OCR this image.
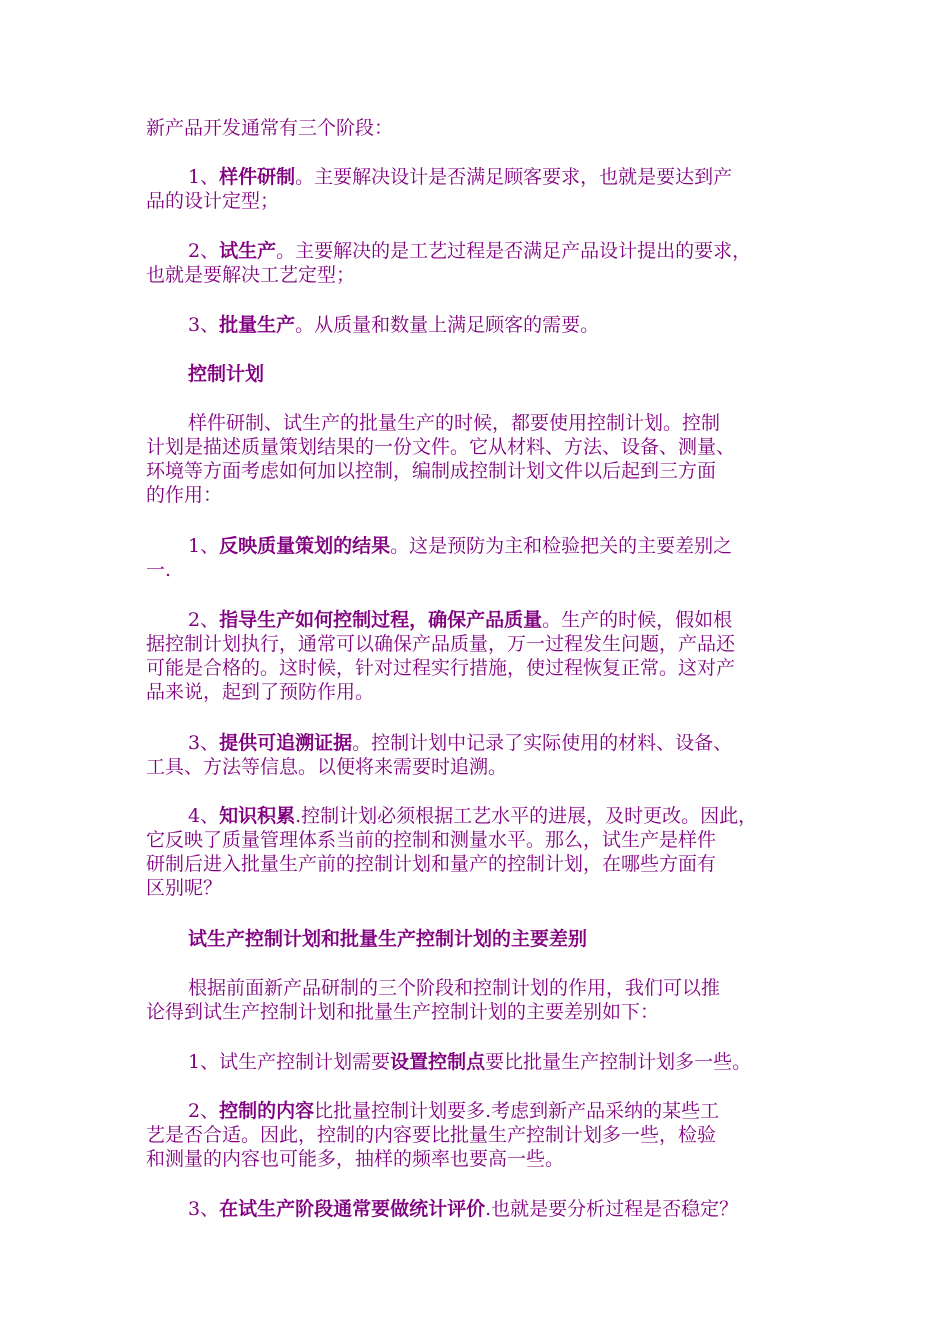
新产品开发通常有三个阶段：

1、样件研制。主要解决设计是否满足顾客要求，也就是要达到产
品的设计定型；

2、试生产。主要解决的是工艺过程是否满足产品设计提出的要求，
也就是要解决工艺定型；

3、批量生产。从质量和数量上满足顾客的需要。

控制计划

样件研制、试生产的批量生产的时候，都要使用控制计划。控制
计划是描述质量策划结果的一份文件。它从材料、方法、设备、测量、
环境等方面考虑如何加以控制，编制成控制计划文件以后起到三方面
的作用：

1、反映质量策划的结果。这是预防为主和检验把关的主要差别之
一.

2、指导生产如何控制过程，确保产品质量。生产的时候，假如根
据控制计划执行，通常可以确保产品质量，万一过程发生问题，产品还
可能是合格的。这时候，针对过程实行措施，使过程恢复正常。这对产
品来说，起到了预防作用。

3、提供可追溯证据。控制计划中记录了实际使用的材料、设备、
工具、方法等信息。以便将来需要时追溯。

4、知识积累.控制计划必须根据工艺水平的进展，及时更改。因此，
它反映了质量管理体系当前的控制和测量水平。那么，试生产是样件
研制后进入批量生产前的控制计划和量产的控制计划，在哪些方面有
区别呢？

试生产控制计划和批量生产控制计划的主要差别

根据前面新产品研制的三个阶段和控制计划的作用，我们可以推
论得到试生产控制计划和批量生产控制计划的主要差别如下：

1、试生产控制计划需要设置控制点要比批量生产控制计划多一些。

2、控制的内容比批量控制计划要多.考虑到新产品采纳的某些工
艺是否合适。因此，控制的内容要比批量生产控制计划多一些，检验
和测量的内容也可能多，抽样的频率也要高一些。

3、在试生产阶段通常要做统计评价.也就是要分析过程是否稳定？
